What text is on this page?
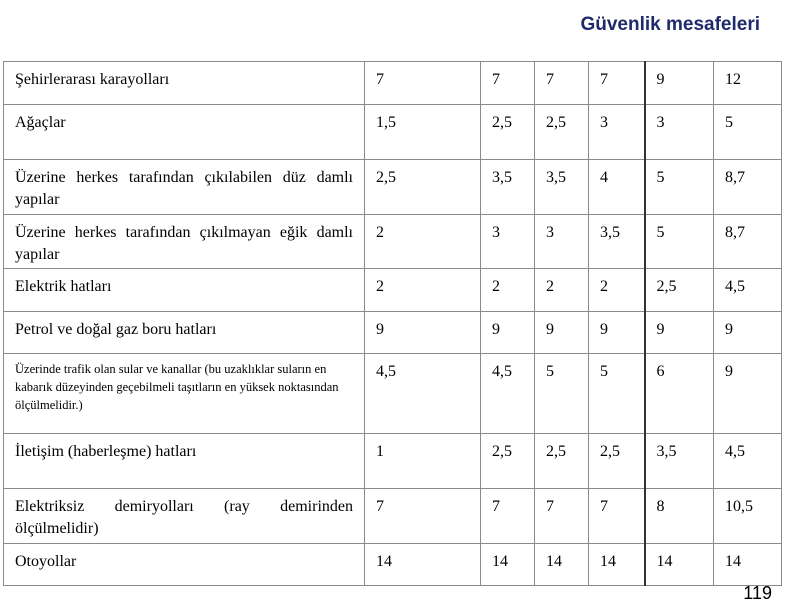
Güvenlik mesafeleri
Şehirlerarası karayolları	7	7	7	7	9	12
Ağaçlar	1,5	2,5	2,5	3	3	5
Üzerine herkes tarafından çıkılabilen düz damlı yapılar	2,5	3,5	3,5	4	5	8,7
Üzerine herkes tarafından çıkılmayan eğik damlı yapılar	2	3	3	3,5	5	8,7
Elektrik hatları	2	2	2	2	2,5	4,5
Petrol ve doğal gaz boru hatları	9	9	9	9	9	9
Üzerinde trafik olan sular ve kanallar (bu uzaklıklar suların en kabarık düzeyinden geçebilmeli taşıtların en yüksek noktasından ölçülmelidir.)	4,5	4,5	5	5	6	9
İletişim (haberleşme) hatları	1	2,5	2,5	2,5	3,5	4,5
Elektriksiz demiryolları (ray demirinden ölçülmelidir)	7	7	7	7	8	10,5
Otoyollar	14	14	14	14	14	14
119
